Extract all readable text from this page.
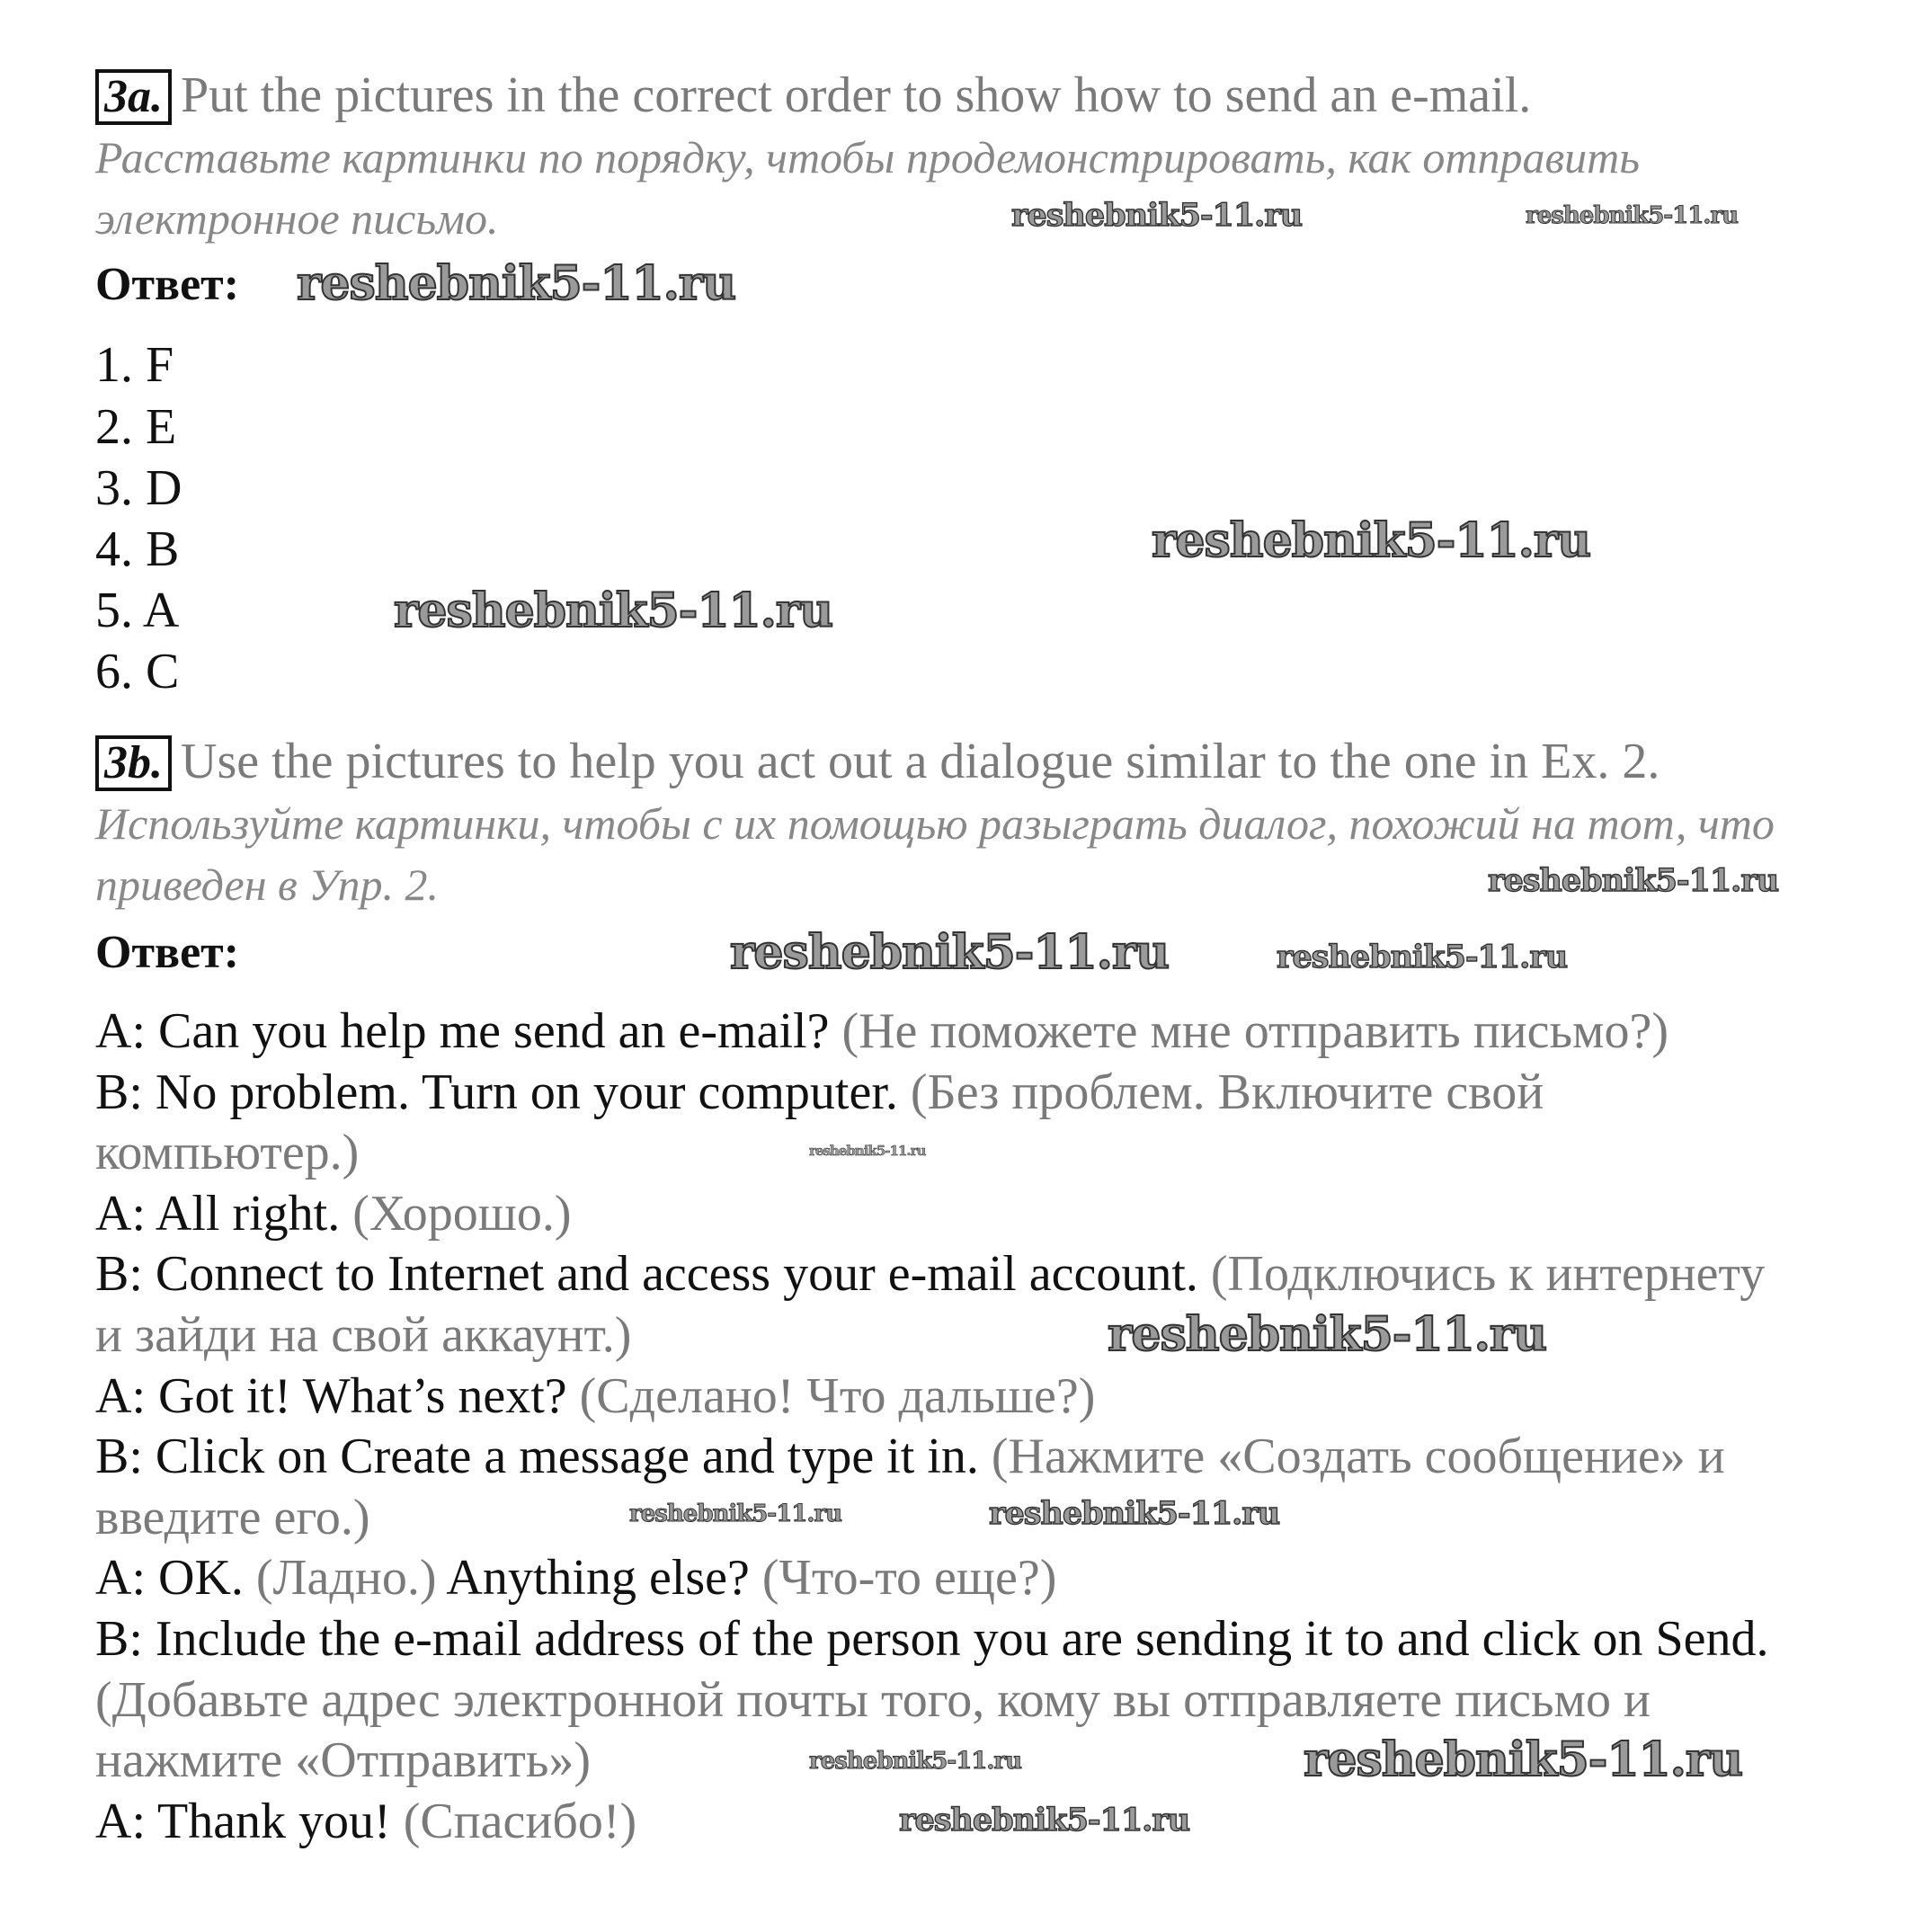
3a. Put the pictures in the correct order to show how to send an e-mail.
Расставьте картинки по порядку, чтобы продемонстрировать, как отправить
электронное письмо.
Ответ:
1. F
2. E
3. D
4. B
5. A
6. C
3b. Use the pictures to help you act out a dialogue similar to the one in Ex. 2.
Используйте картинки, чтобы с их помощью разыграть диалог, похожий на тот, что
приведен в Упр. 2.
Ответ:
A: Can you help me send an e-mail? (Не поможете мне отправить письмо?)
B: No problem. Turn on your computer. (Без проблем. Включите свой
компьютер.)
A: All right. (Хорошо.)
B: Connect to Internet and access your e-mail account. (Подключись к интернету
и зайди на свой аккаунт.)
A: Got it! What’s next? (Сделано! Что дальше?)
B: Click on Create a message and type it in. (Нажмите «Создать сообщение» и
введите его.)
A: OK. (Ладно.) Anything else? (Что-то еще?)
B: Include the e-mail address of the person you are sending it to and click on Send.
(Добавьте адрес электронной почты того, кому вы отправляете письмо и
нажмите «Отправить»)
A: Thank you! (Спасибо!)
reshebnik5-11.ru	reshebnik5-11.ru
reshebnik5-11.ru
reshebnik5-11.ru
reshebnik5-11.ru
reshebnik5-11.ru
reshebnik5-11.ru	reshebnik5-11.ru
reshebnik5-11.ru
reshebnik5-11.ru
reshebnik5-11.ru	reshebnik5-11.ru
reshebnik5-11.ru
reshebnik5-11.ru
reshebnik5-11.ru
